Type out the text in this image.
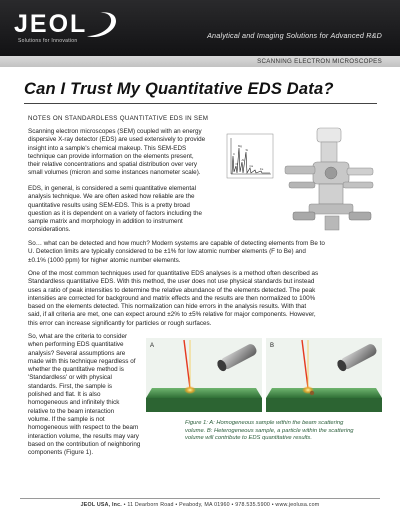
JEOL
Solutions for Innovation
Analytical and Imaging Solutions for Advanced R&D
SCANNING ELECTRON MICROSCOPES
Can I Trust My Quantitative EDS Data?
NOTES ON STANDARDLESS QUANTITATIVE EDS IN SEM
Scanning electron microscopes (SEM) coupled with an energy
dispersive X-ray detector (EDS) are used extensively to provide
insight into a sample's chemical makeup. This SEM-EDS
technique can provide information on the elements present,
their relative concentrations and spatial distribution over very
small volumes (micron and some instances nanometer scale).
EDS, in general, is considered a semi quantitative elemental
analysis technique. We are often asked how reliable are the
quantitative results using SEM-EDS. This is a pretty broad
question as it is dependent on a variety of factors including the
sample matrix and morphology in addition to instrument
considerations.
C
O
Mg
Al
Si
Ca
Fe
So… what can be detected and how much? Modern systems are capable of detecting elements from Be to
U. Detection limits are typically considered to be ±1% for low atomic number elements (F to Be) and
±0.1% (1000 ppm) for higher atomic number elements.
One of the most common techniques used for quantitative EDS analyses is a method often described as
Standardless quantitative EDS. With this method, the user does not use physical standards but instead
uses a ratio of peak intensities to determine the relative abundance of the elements detected. The peak
intensities are corrected for background and matrix effects and the results are then normalized to 100%
based on the elements detected. This normalization can hide errors in the analysis results. With that
said, if all criteria are met, one can expect around ±2% to ±5% relative for major components. However,
this error can increase significantly for particles or rough surfaces.
So, what are the criteria to consider
when performing EDS quantitative
analysis? Several assumptions are
made with this technique regardless of
whether the quantitative method is
'Standardless' or with physical
standards. First, the sample is
polished and flat. It is also
homogeneous and infinitely thick
relative to the beam interaction
volume. If the sample is not
homogeneous with respect to the beam
interaction volume, the results may vary
based on the contribution of neighboring
components (Figure 1).
A	B
Figure 1: A: Homogeneous sample within the beam scattering
volume. B: Heterogeneous sample, a particle within the scattering
volume will contribute to EDS quantitative results.
JEOL USA, Inc. • 11 Dearborn Road • Peabody, MA 01960 • 978.535.5900 • www.jeolusa.com
